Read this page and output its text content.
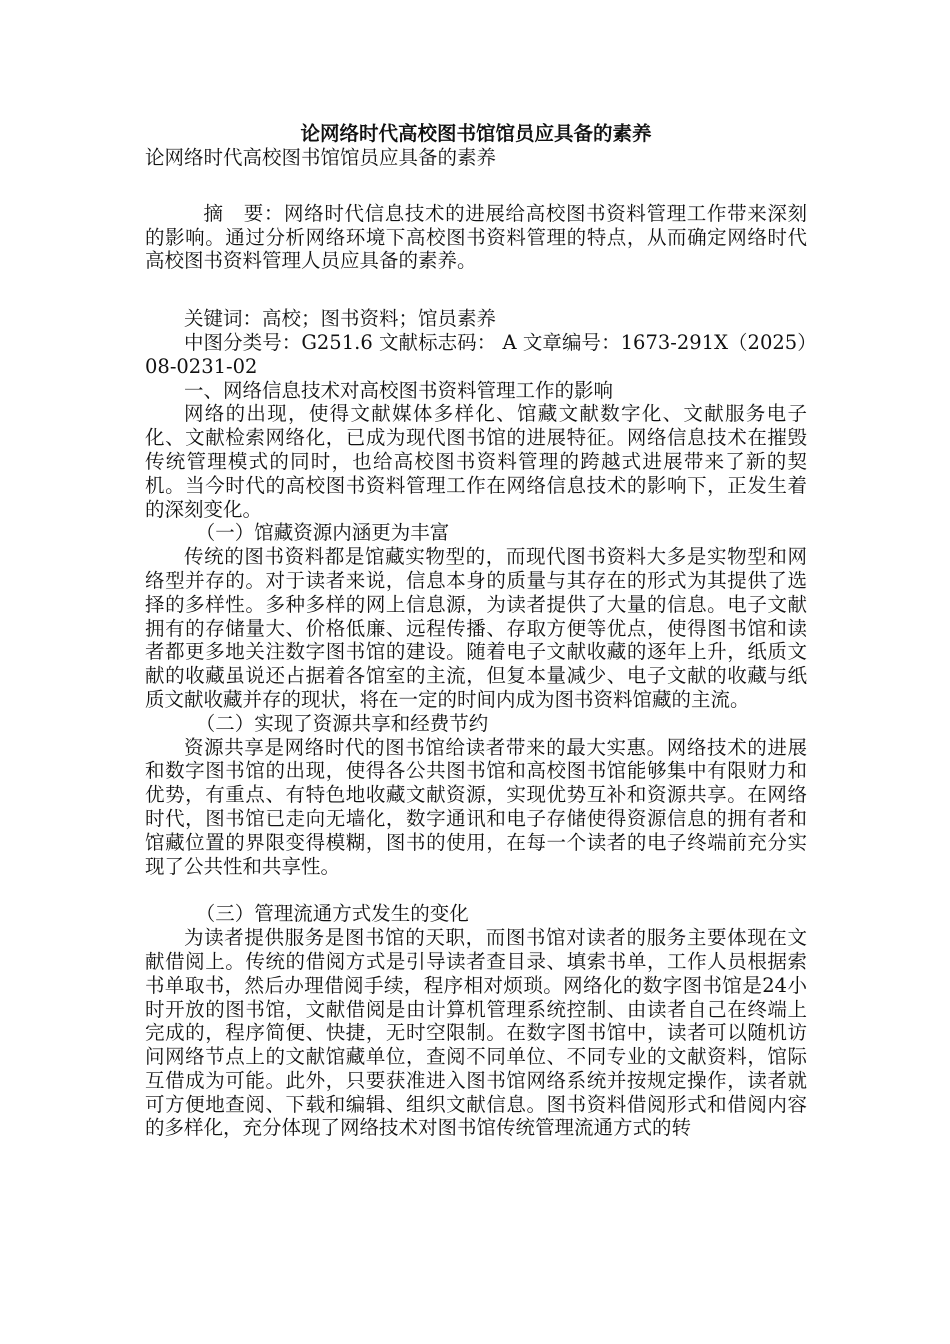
论网络时代高校图书馆馆员应具备的素养

论网络时代高校图书馆馆员应具备的素养

摘　要：网络时代信息技术的进展给高校图书资料管理工作带来深刻的影响。通过分析网络环境下高校图书资料管理的特点，从而确定网络时代高校图书资料管理人员应具备的素养。

关键词：高校；图书资料；馆员素养

中图分类号：G251.6 文献标志码： A 文章编号：1673-291X（2025）08-0231-02

一、网络信息技术对高校图书资料管理工作的影响

网络的出现，使得文献媒体多样化、馆藏文献数字化、文献服务电子化、文献检索网络化，已成为现代图书馆的进展特征。网络信息技术在摧毁传统管理模式的同时，也给高校图书资料管理的跨越式进展带来了新的契机。当今时代的高校图书资料管理工作在网络信息技术的影响下，正发生着的深刻变化。

（一）馆藏资源内涵更为丰富

传统的图书资料都是馆藏实物型的，而现代图书资料大多是实物型和网络型并存的。对于读者来说，信息本身的质量与其存在的形式为其提供了选择的多样性。多种多样的网上信息源，为读者提供了大量的信息。电子文献拥有的存储量大、价格低廉、远程传播、存取方便等优点，使得图书馆和读者都更多地关注数字图书馆的建设。随着电子文献收藏的逐年上升，纸质文献的收藏虽说还占据着各馆室的主流，但复本量减少、电子文献的收藏与纸质文献收藏并存的现状，将在一定的时间内成为图书资料馆藏的主流。

（二）实现了资源共享和经费节约

资源共享是网络时代的图书馆给读者带来的最大实惠。网络技术的进展和数字图书馆的出现，使得各公共图书馆和高校图书馆能够集中有限财力和优势，有重点、有特色地收藏文献资源，实现优势互补和资源共享。在网络时代，图书馆已走向无墙化，数字通讯和电子存储使得资源信息的拥有者和馆藏位置的界限变得模糊，图书的使用，在每一个读者的电子终端前充分实现了公共性和共享性。

（三）管理流通方式发生的变化

为读者提供服务是图书馆的天职，而图书馆对读者的服务主要体现在文献借阅上。传统的借阅方式是引导读者查目录、填索书单，工作人员根据索书单取书，然后办理借阅手续，程序相对烦琐。网络化的数字图书馆是24小时开放的图书馆，文献借阅是由计算机管理系统控制、由读者自己在终端上完成的，程序简便、快捷，无时空限制。在数字图书馆中，读者可以随机访问网络节点上的文献馆藏单位，查阅不同单位、不同专业的文献资料，馆际互借成为可能。此外，只要获准进入图书馆网络系统并按规定操作，读者就可方便地查阅、下载和编辑、组织文献信息。图书资料借阅形式和借阅内容的多样化，充分体现了网络技术对图书馆传统管理流通方式的转
